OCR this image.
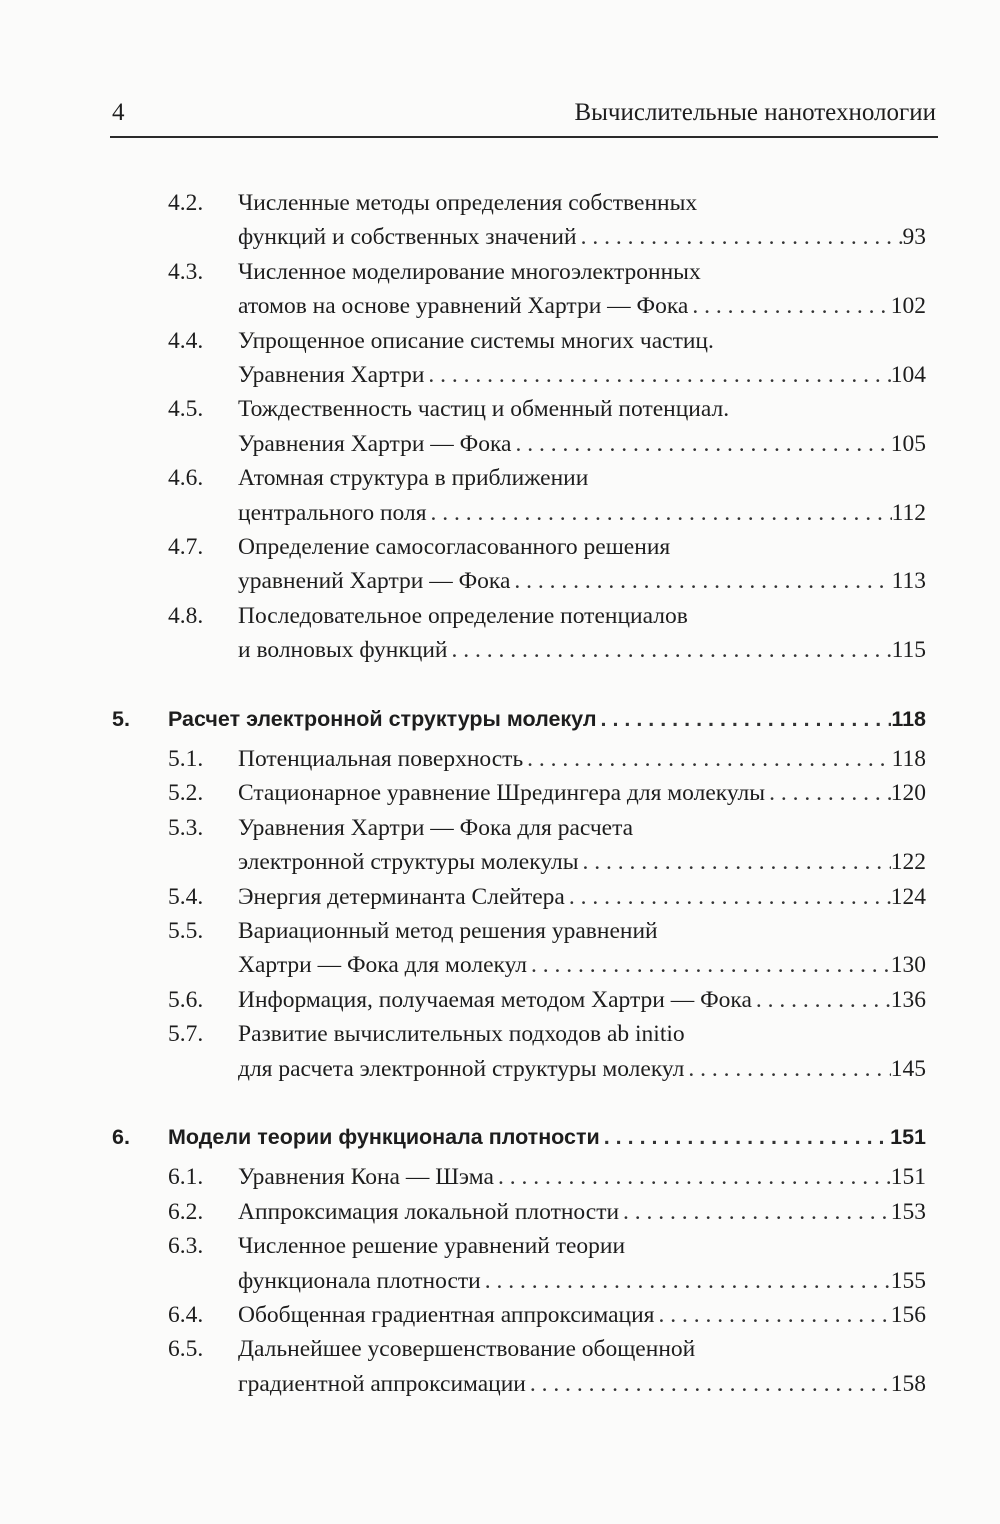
4	Вычислительные нанотехнологии
4.2. Численные методы определения собственных
функций и собственных значений . . .	93
4.3. Численное моделирование многоэлектронных
атомов на основе уравнений Хартри — Фока . . .	102
4.4. Упрощенное описание системы многих частиц.
Уравнения Хартри . . .	104
4.5. Тождественность частиц и обменный потенциал.
Уравнения Хартри — Фока . . .	105
4.6. Атомная структура в приближении
центрального поля . . .	112
4.7. Определение самосогласованного решения
уравнений Хартри — Фока . . .	113
4.8. Последовательное определение потенциалов
и волновых функций . . .	115
5. Расчет электронной структуры молекул . . .	118
5.1. Потенциальная поверхность . . .	118
5.2. Стационарное уравнение Шредингера для молекулы . . .	120
5.3. Уравнения Хартри — Фока для расчета
электронной структуры молекулы . . .	122
5.4. Энергия детерминанта Слейтера . . .	124
5.5. Вариационный метод решения уравнений
Хартри — Фока для молекул . . .	130
5.6. Информация, получаемая методом Хартри — Фока . . .	136
5.7. Развитие вычислительных подходов ab initio
для расчета электронной структуры молекул . . .	145
6. Модели теории функционала плотности . . .	151
6.1. Уравнения Кона — Шэма . . .	151
6.2. Аппроксимация локальной плотности . . .	153
6.3. Численное решение уравнений теории
функционала плотности . . .	155
6.4. Обобщенная градиентная аппроксимация . . .	156
6.5. Дальнейшее усовершенствование обощенной
градиентной аппроксимации . . .	158
